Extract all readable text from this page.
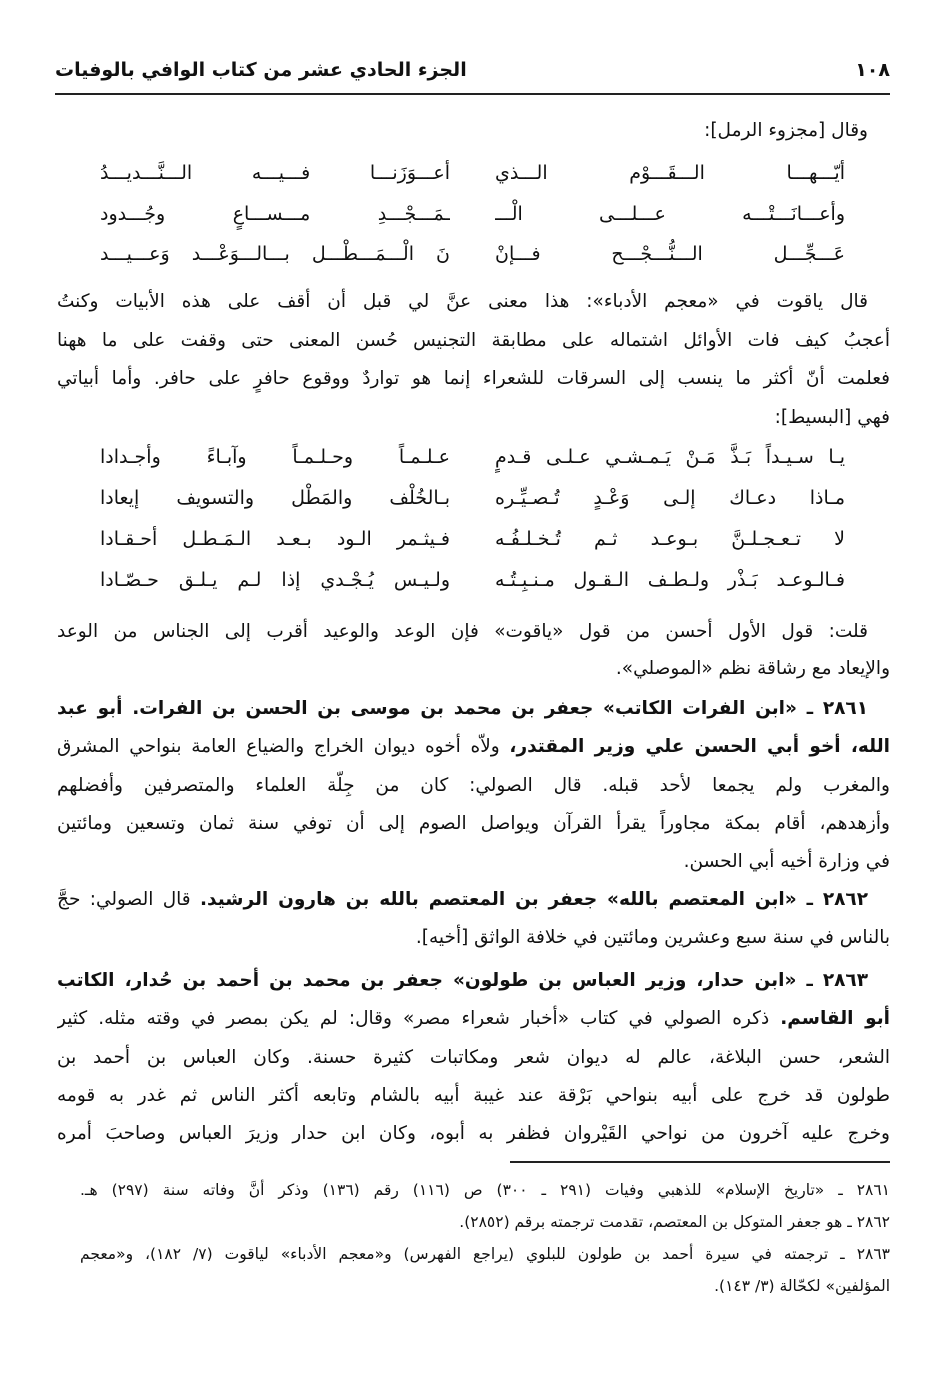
١٠٨
الجزء الحادي عشر من كتاب الوافي بالوفيات
وقال [مجزوء الرمل]:
أيّـــهـــا الـــقَـــوْم الـــذي
أعـــوَزَنـــا فـــيـــه الـــنَّـــديـــدُ
وأعـــانَـــتْـــه عـــلـــى الْـــ
ـمَـــجْـــدِ مـــســـاعٍ وجُـــدود
عَـــجِّـــل الـــنُّـــجْـــح فـــإنْ
نَ الْـــمَـــطْـــل بـــالـــوَعْـــد وَعـــيـــد
قال ياقوت في «معجم الأدباء»: هذا معنى عنَّ لي قبل أن أقف على هذه الأبيات وكنتُ
أعجبُ كيف فات الأوائل اشتماله على مطابقة التجنيس حُسن المعنى حتى وقفت على ما ههنا
فعلمت أنّ أكثر ما ينسب إلى السرقات للشعراء إنما هو تواردٌ ووقوع حافرٍ على حافر. وأما أبياتي
فهي [البسيط]:
يـا سـيـداً بَـذَّ مَـنْ يَـمـشـي عـلـى قـدمٍ
عـلـمـاً وحـلـمـاً وآبـاءً وأجـدادا
مـاذا دعـاك إلـى وَعْـدٍ تُـصـيِّـره
بـالخُلْف والمَطْل والتسويف إيعادا
لا تـعـجـلـنَّ بـوعـد ثـم تُـخـلـفُـه
فـيثـمر الـود بـعـد الـمَـطـل أحـقـادا
فـالـوعـد بَـذْر ولـطـف الـقـول مـنـبِـتُـه
ولـيـس يُـجْـدي إذا لـم يـلـق حـصّـادا
قلت: قول الأول أحسن من قول «ياقوت» فإن الوعد والوعيد أقرب إلى الجناس من الوعد
والإيعاد مع رشاقة نظم «الموصلي».
٢٨٦١ ـ «ابن الفرات الكاتب» جعفر بن محمد بن موسى بن الحسن بن الفرات. أبو عبد
الله، أخو أبي الحسن علي وزير المقتدر، ولاّه أخوه ديوان الخراج والضياع العامة بنواحي المشرق
والمغرب ولم يجمعا لأحد قبله. قال الصولي: كان من جِلّة العلماء والمتصرفين وأفضلهم
وأزهدهم، أقام بمكة مجاوراً يقرأ القرآن ويواصل الصوم إلى أن توفي سنة ثمان وتسعين ومائتين
في وزارة أخيه أبي الحسن.
٢٨٦٢ ـ «ابن المعتصم بالله» جعفر بن المعتصم بالله بن هارون الرشيد. قال الصولي: حجَّ
بالناس في سنة سبع وعشرين ومائتين في خلافة الواثق [أخيه].
٢٨٦٣ ـ «ابن حدار، وزير العباس بن طولون» جعفر بن محمد بن أحمد بن حُدار، الكاتب
أبو القاسم. ذكره الصولي في كتاب «أخبار شعراء مصر» وقال: لم يكن بمصر في وقته مثله. كثير
الشعر، حسن البلاغة، عالم له ديوان شعر ومكاتبات كثيرة حسنة. وكان العباس بن أحمد بن
طولون قد خرج على أبيه بنواحي بَرْقة عند غيبة أبيه بالشام وتابعه أكثر الناس ثم غدر به قومه
وخرج عليه آخرون من نواحي القَيْروان فظفر به أبوه، وكان ابن حدار وزيرَ العباس وصاحبَ أمره
٢٨٦١ ـ «تاريخ الإسلام» للذهبي وفيات (٢٩١ ـ ٣٠٠) ص (١١٦) رقم (١٣٦) وذكر أنَّ وفاته سنة (٢٩٧) هـ.
٢٨٦٢ ـ هو جعفر المتوكل بن المعتصم، تقدمت ترجمته برقم (٢٨٥٢).
٢٨٦٣ ـ ترجمته في سيرة أحمد بن طولون للبلوي (يراجع الفهرس) و«معجم الأدباء» لياقوت (٧/ ١٨٢)، و«معجم
المؤلفين» لكحّالة (٣/ ١٤٣).
